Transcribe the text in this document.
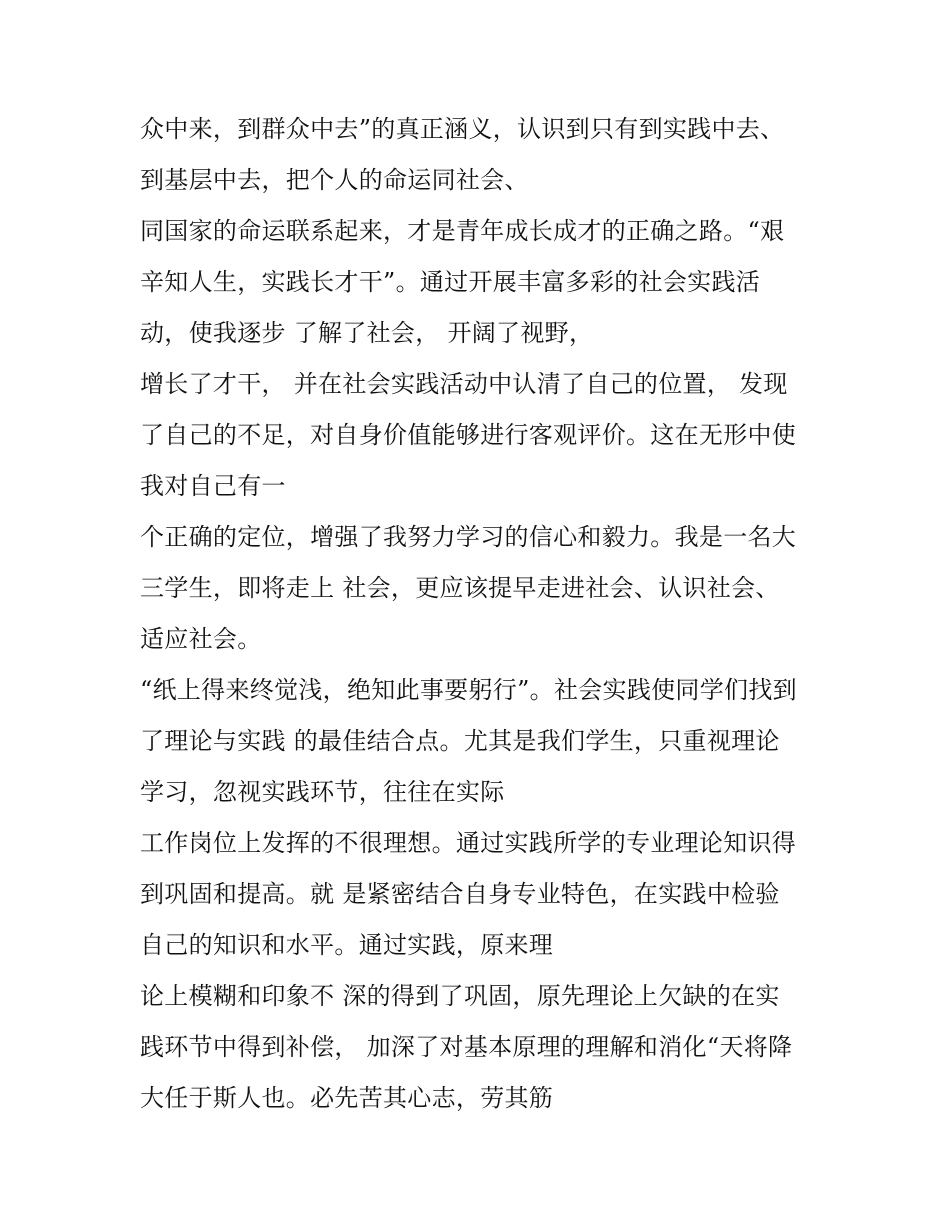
众中来，到群众中去”的真正涵义，认识到只有到实践中去、
到基层中去，把个人的命运同社会、
同国家的命运联系起来，才是青年成长成才的正确之路。“艰
辛知人生，实践长才干”。通过开展丰富多彩的社会实践活
动，使我逐步 了解了社会， 开阔了视野，
增长了才干， 并在社会实践活动中认清了自己的位置， 发现
了自己的不足，对自身价值能够进行客观评价。这在无形中使
我对自己有一
个正确的定位，增强了我努力学习的信心和毅力。我是一名大
三学生，即将走上 社会，更应该提早走进社会、认识社会、
适应社会。
“纸上得来终觉浅，绝知此事要躬行”。社会实践使同学们找到
了理论与实践 的最佳结合点。尤其是我们学生，只重视理论
学习，忽视实践环节，往往在实际
工作岗位上发挥的不很理想。通过实践所学的专业理论知识得
到巩固和提高。就 是紧密结合自身专业特色，在实践中检验
自己的知识和水平。通过实践，原来理
论上模糊和印象不 深的得到了巩固，原先理论上欠缺的在实
践环节中得到补偿， 加深了对基本原理的理解和消化“天将降
大任于斯人也。必先苦其心志，劳其筋
